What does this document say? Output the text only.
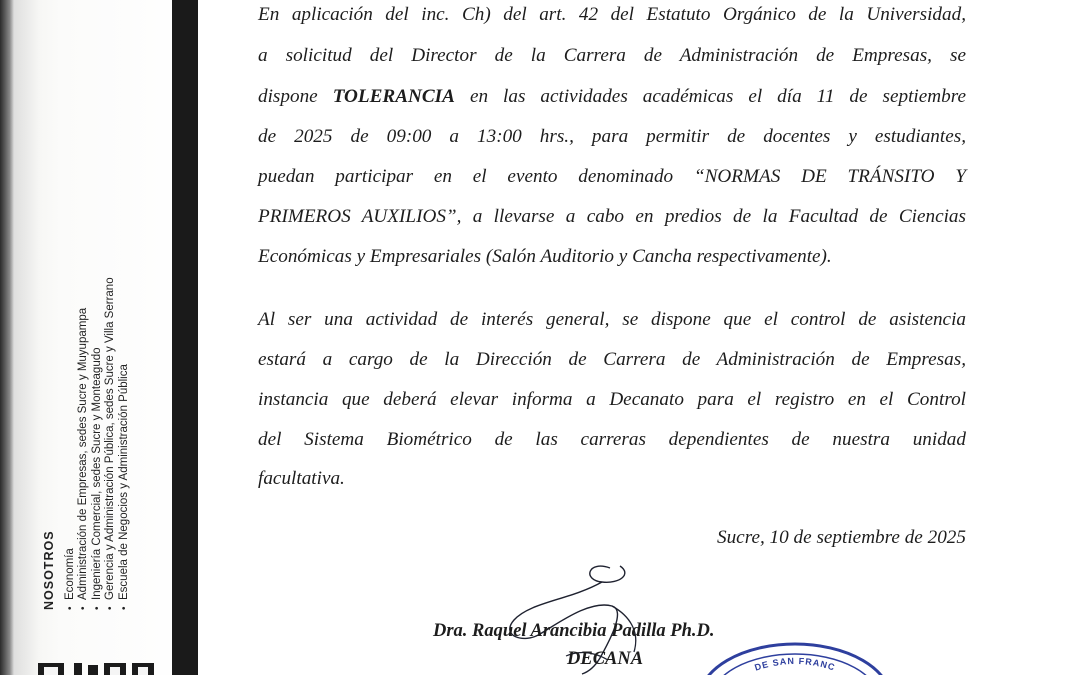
NOSOTROS • Economía • Administración de Empresas, sedes Sucre y Muyupampa • Ingeniería Comercial, sedes Sucre y Monteagudo • Gerencia y Administración Pública, sedes Sucre y Villa Serrano • Escuela de Negocios y Administración Pública
En aplicación del inc. Ch) del art. 42 del Estatuto Orgánico de la Universidad,
a solicitud del Director de la Carrera de Administración de Empresas, se
dispone TOLERANCIA en las actividades académicas el día 11 de septiembre
de 2025 de 09:00 a 13:00 hrs., para permitir de docentes y estudiantes,
puedan participar en el evento denominado “NORMAS DE TRÁNSITO Y
PRIMEROS AUXILIOS”, a llevarse a cabo en predios de la Facultad de Ciencias
Económicas y Empresariales (Salón Auditorio y Cancha respectivamente).
Al ser una actividad de interés general, se dispone que el control de asistencia
estará a cargo de la Dirección de Carrera de Administración de Empresas,
instancia que deberá elevar informa a Decanato para el registro en el Control
del Sistema Biométrico de las carreras dependientes de nuestra unidad
facultativa.
Sucre, 10 de septiembre de 2025
Dra. Raquel Arancibia Padilla Ph.D.
DECANA	DE SAN FRANC
